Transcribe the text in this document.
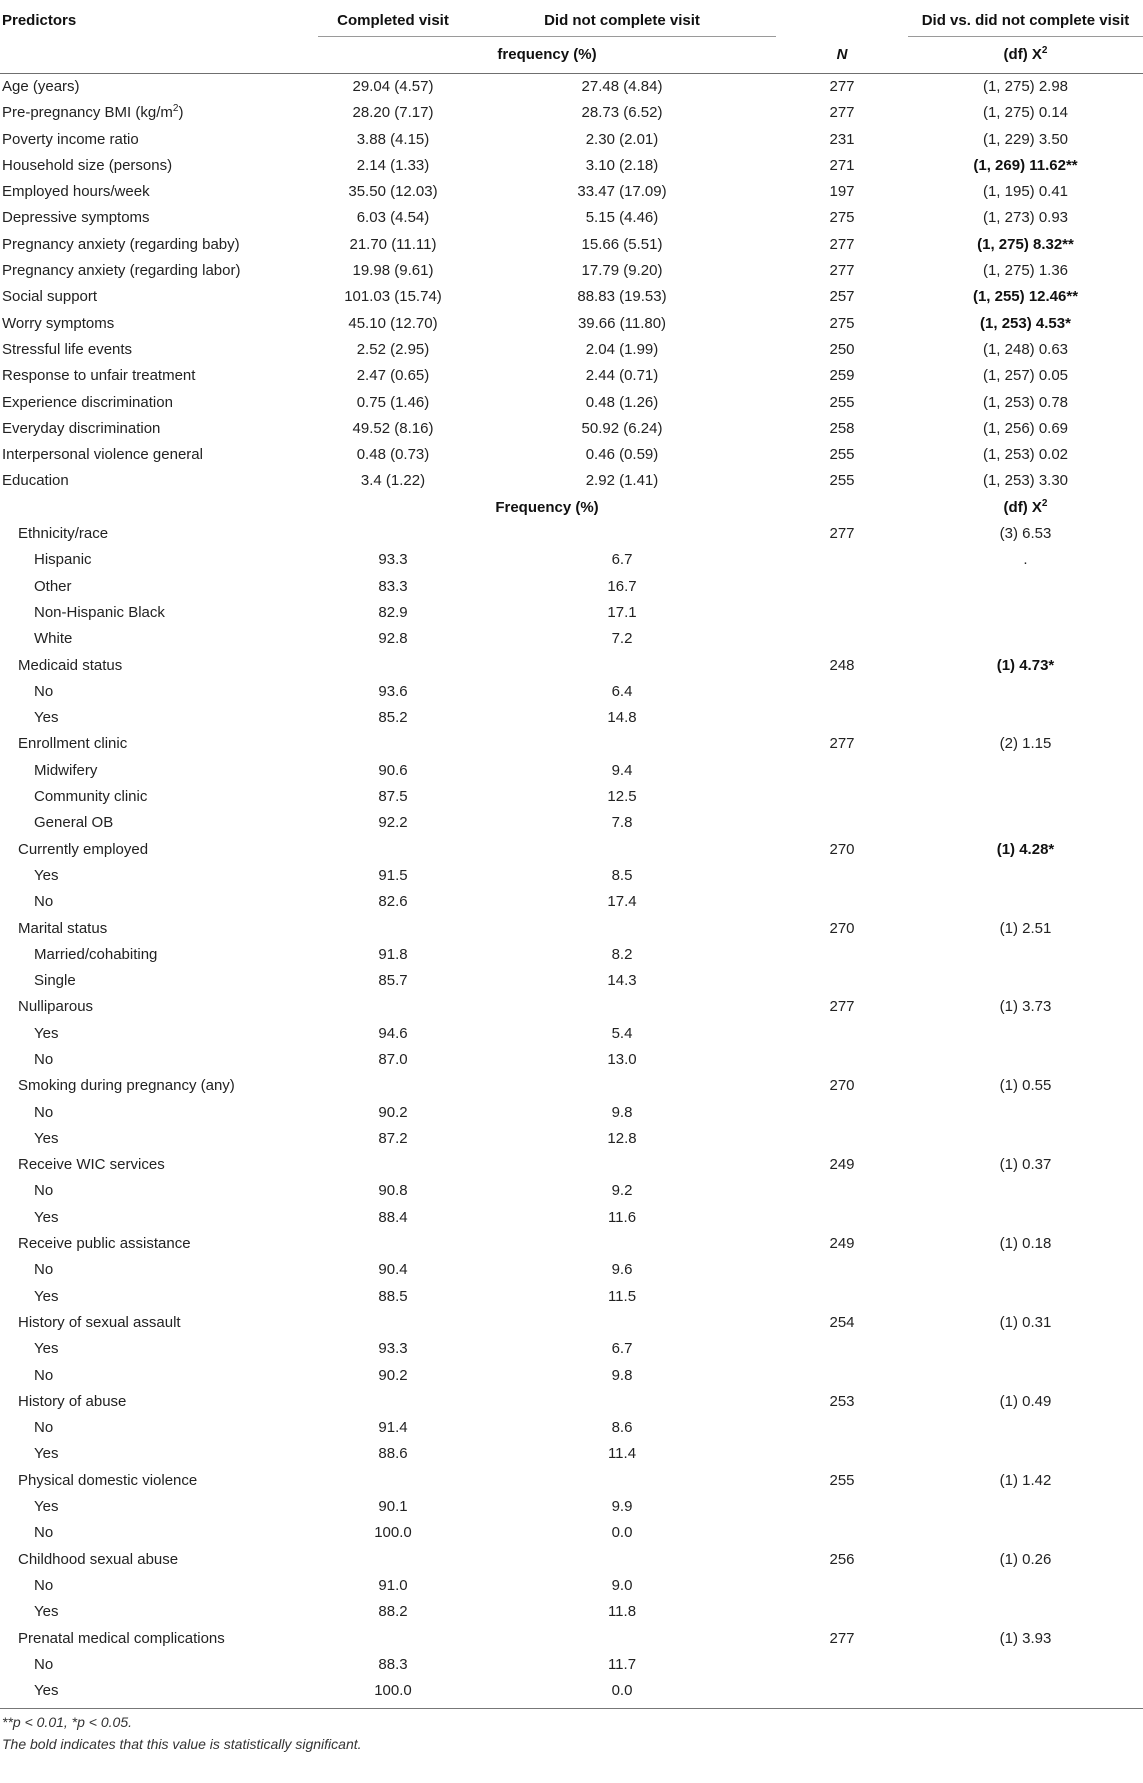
Predictors	Completed visit	Did not complete visit		Did vs. did not complete visit
	frequency (%)		N	(df) $X^2$
Age (years)	29.04 (4.57)	27.48 (4.84)	277	(1, 275) 2.98
Pre-pregnancy BMI $(kg/m^2)$	28.20 (7.17)	28.73 (6.52)	277	(1, 275) 0.14
Poverty income ratio	3.88 (4.15)	2.30 (2.01)	231	(1, 229) 3.50
Household size (persons)	2.14 (1.33)	3.10 (2.18)	271	(1, 269) 11.62**
Employed hours/week	35.50 (12.03)	33.47 (17.09)	197	(1, 195) 0.41
Depressive symptoms	6.03 (4.54)	5.15 (4.46)	275	(1, 273) 0.93
Pregnancy anxiety (regarding baby)	21.70 (11.11)	15.66 (5.51)	277	(1, 275) 8.32**
Pregnancy anxiety (regarding labor)	19.98 (9.61)	17.79 (9.20)	277	(1, 275) 1.36
Social support	101.03 (15.74)	88.83 (19.53)	257	(1, 255) 12.46**
Worry symptoms	45.10 (12.70)	39.66 (11.80)	275	(1, 253) 4.53*
Stressful life events	2.52 (2.95)	2.04 (1.99)	250	(1, 248) 0.63
Response to unfair treatment	2.47 (0.65)	2.44 (0.71)	259	(1, 257) 0.05
Experience discrimination	0.75 (1.46)	0.48 (1.26)	255	(1, 253) 0.78
Everyday discrimination	49.52 (8.16)	50.92 (6.24)	258	(1, 256) 0.69
Interpersonal violence general	0.48 (0.73)	0.46 (0.59)	255	(1, 253) 0.02
Education	3.4 (1.22)	2.92 (1.41)	255	(1, 253) 3.30
	Frequency (%)			(df) $X^2$
Ethnicity/race			277	(3) 6.53
Hispanic	93.3	6.7		.
Other	83.3	16.7		
Non-Hispanic Black	82.9	17.1		
White	92.8	7.2		
Medicaid status			248	(1) 4.73*
No	93.6	6.4		
Yes	85.2	14.8		
Enrollment clinic			277	(2) 1.15
Midwifery	90.6	9.4		
Community clinic	87.5	12.5		
General OB	92.2	7.8		
Currently employed			270	(1) 4.28*
Yes	91.5	8.5		
No	82.6	17.4		
Marital status			270	(1) 2.51
Married/cohabiting	91.8	8.2		
Single	85.7	14.3		
Nulliparous			277	(1) 3.73
Yes	94.6	5.4		
No	87.0	13.0		
Smoking during pregnancy (any)			270	(1) 0.55
No	90.2	9.8		
Yes	87.2	12.8		
Receive WIC services			249	(1) 0.37
No	90.8	9.2		
Yes	88.4	11.6		
Receive public assistance			249	(1) 0.18
No	90.4	9.6		
Yes	88.5	11.5		
History of sexual assault			254	(1) 0.31
Yes	93.3	6.7		
No	90.2	9.8		
History of abuse			253	(1) 0.49
No	91.4	8.6		
Yes	88.6	11.4		
Physical domestic violence			255	(1) 1.42
Yes	90.1	9.9		
No	100.0	0.0		
Childhood sexual abuse			256	(1) 0.26
No	91.0	9.0		
Yes	88.2	11.8		
Prenatal medical complications			277	(1) 3.93
No	88.3	11.7		
Yes	100.0	0.0		
**p < 0.01, *p < 0.05.
The bold indicates that this value is statistically significant.
